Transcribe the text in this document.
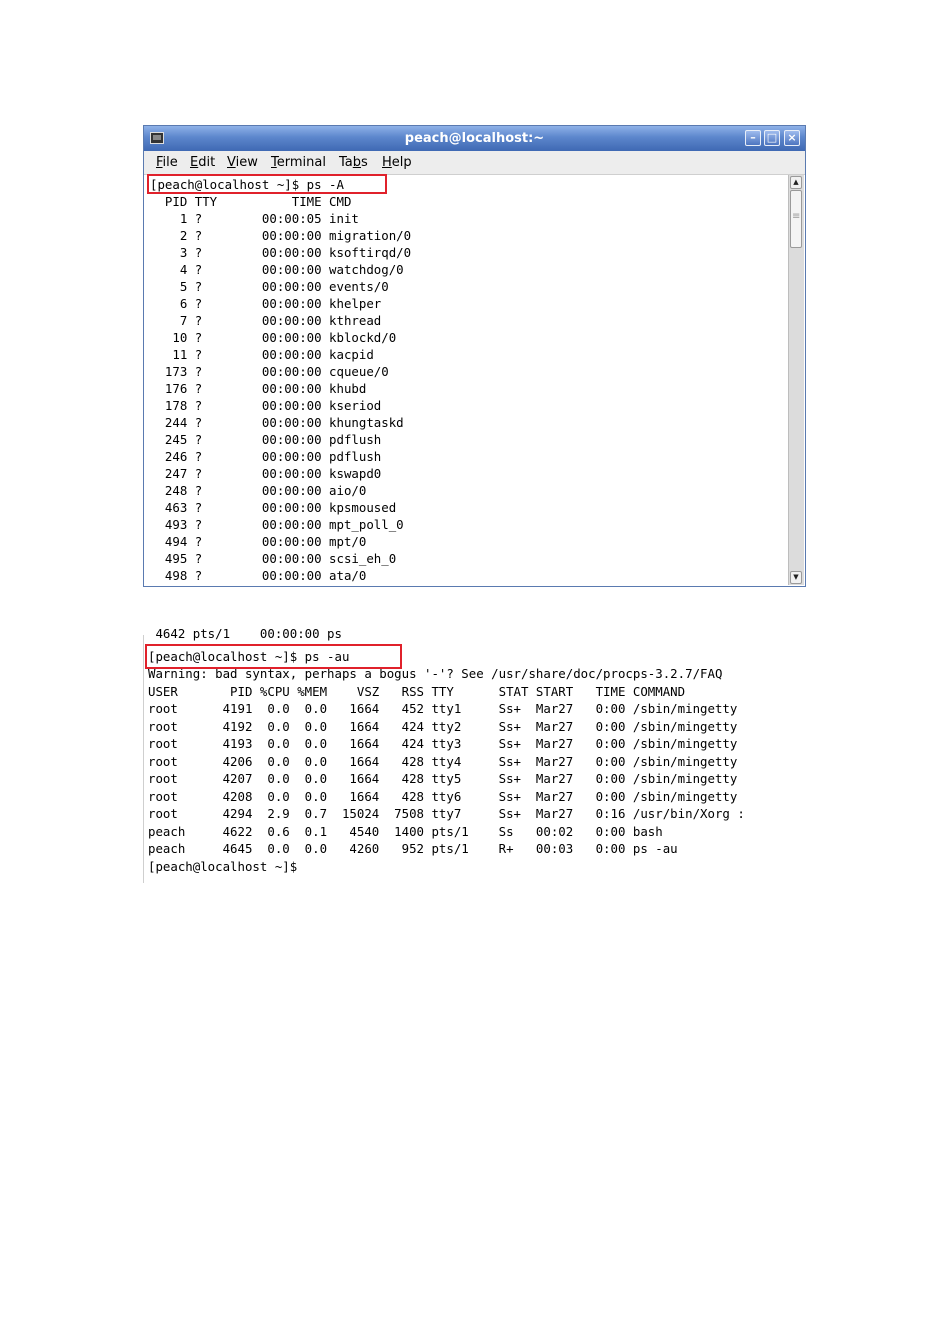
peach@localhost:~	–	□ ×
File Edit View Terminal Tabs Help
[peach@localhost ~]$ ps -A
PID TTY          TIME CMD
1 ?        00:00:05 init
2 ?        00:00:00 migration/0
3 ?        00:00:00 ksoftirqd/0
4 ?        00:00:00 watchdog/0
5 ?        00:00:00 events/0
6 ?        00:00:00 khelper
7 ?        00:00:00 kthread
10 ?        00:00:00 kblockd/0
11 ?        00:00:00 kacpid
173 ?        00:00:00 cqueue/0
176 ?        00:00:00 khubd
178 ?        00:00:00 kseriod
244 ?        00:00:00 khungtaskd
245 ?        00:00:00 pdflush
246 ?        00:00:00 pdflush
247 ?        00:00:00 kswapd0
248 ?        00:00:00 aio/0
463 ?        00:00:00 kpsmoused
493 ?        00:00:00 mpt_poll_0
494 ?        00:00:00 mpt/0
495 ?        00:00:00 scsi_eh_0
498 ?        00:00:00 ata/0
▲
≡
▼
4642 pts/1    00:00:00 ps
[peach@localhost ~]$ ps -au
Warning: bad syntax, perhaps a bogus '-'? See /usr/share/doc/procps-3.2.7/FAQ
USER       PID %CPU %MEM    VSZ   RSS TTY      STAT START   TIME COMMAND
root      4191  0.0  0.0   1664   452 tty1     Ss+  Mar27   0:00 /sbin/mingetty
root      4192  0.0  0.0   1664   424 tty2     Ss+  Mar27   0:00 /sbin/mingetty
root      4193  0.0  0.0   1664   424 tty3     Ss+  Mar27   0:00 /sbin/mingetty
root      4206  0.0  0.0   1664   428 tty4     Ss+  Mar27   0:00 /sbin/mingetty
root      4207  0.0  0.0   1664   428 tty5     Ss+  Mar27   0:00 /sbin/mingetty
root      4208  0.0  0.0   1664   428 tty6     Ss+  Mar27   0:00 /sbin/mingetty
root      4294  2.9  0.7  15024  7508 tty7     Ss+  Mar27   0:16 /usr/bin/Xorg :
peach     4622  0.6  0.1   4540  1400 pts/1    Ss   00:02   0:00 bash
peach     4645  0.0  0.0   4260   952 pts/1    R+   00:03   0:00 ps -au
[peach@localhost ~]$
